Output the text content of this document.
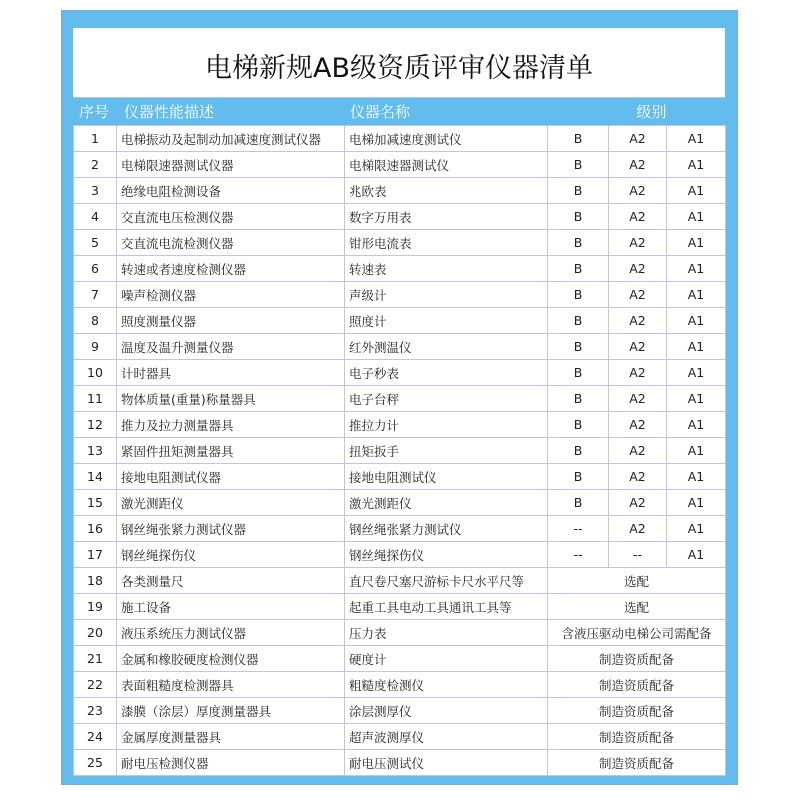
电梯新规AB级资质评审仪器清单
序号 仪器性能描述	仪器名称	级别
1	电梯振动及起制动加减速度测试仪器	电梯加减速度测试仪	B	A2	A1
2	电梯限速器测试仪器	电梯限速器测试仪	B	A2	A1
3	绝缘电阻检测设备	兆欧表	B	A2	A1
4	交直流电压检测仪器	数字万用表	B	A2	A1
5	交直流电流检测仪器	钳形电流表	B	A2	A1
6	转速或者速度检测仪器	转速表	B	A2	A1
7	噪声检测仪器	声级计	B	A2	A1
8	照度测量仪器	照度计	B	A2	A1
9	温度及温升测量仪器	红外测温仪	B	A2	A1
10	计时器具	电子秒表	B	A2	A1
11	物体质量(重量)称量器具	电子台秤	B	A2	A1
12	推力及拉力测量器具	推拉力计	B	A2	A1
13	紧固件扭矩测量器具	扭矩扳手	B	A2	A1
14	接地电阻测试仪器	接地电阻测试仪	B	A2	A1
15	激光测距仪	激光测距仪	B	A2	A1
16	钢丝绳张紧力测试仪器	钢丝绳张紧力测试仪	--	A2	A1
17	钢丝绳探伤仪	钢丝绳探伤仪	--	--	A1
18	各类测量尺	直尺卷尺塞尺游标卡尺水平尺等	选配		
19	施工设备	起重工具电动工具通讯工具等	选配		
20	液压系统压力测试仪器	压力表	含液压驱动电梯公司需配备		
21	金属和橡胶硬度检测仪器	硬度计	制造资质配备		
22	表面粗糙度检测器具	粗糙度检测仪	制造资质配备		
23	漆膜（涂层）厚度测量器具	涂层测厚仪	制造资质配备		
24	金属厚度测量器具	超声波测厚仪	制造资质配备		
25	耐电压检测仪器	耐电压测试仪	制造资质配备		
